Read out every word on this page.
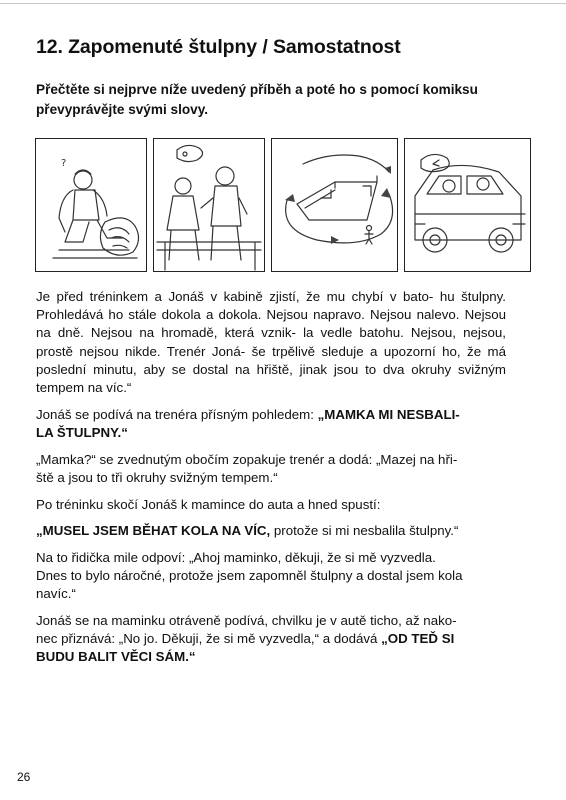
12. Zapomenuté štulpny / Samostatnost

Přečtěte si nejprve níže uvedený příběh a poté ho s pomocí komiksu
převyprávějte svými slovy.

?

Je před tréninkem a Jonáš v kabině zjistí, že mu chybí v bato- hu štulpny. Prohledává ho stále dokola a dokola. Nejsou napravo. Nejsou nalevo. Nejsou na dně. Nejsou na hromadě, která vznik- la vedle batohu. Nejsou, nejsou, prostě nejsou nikde. Trenér Joná- še trpělivě sleduje a upozorní ho, že má poslední minutu, aby se dostal na hřiště, jinak jsou to dva okruhy svižným tempem na víc.“

Jonáš se podívá na trenéra přísným pohledem: „MAMKA MI NESBALI-
LA ŠTULPNY.“

„Mamka?“ se zvednutým obočím zopakuje trenér a dodá: „Mazej na hři-
ště a jsou to tři okruhy svižným tempem.“

Po tréninku skočí Jonáš k mamince do auta a hned spustí:

„MUSEL JSEM BĚHAT KOLA NA VÍC, protože si mi nesbalila štulpny.“

Na to řidička mile odpoví: „Ahoj maminko, děkuji, že si mě vyzvedla.
Dnes to bylo náročné, protože jsem zapomněl štulpny a dostal jsem kola
navíc.“

Jonáš se na maminku otráveně podívá, chvilku je v autě ticho, až nako-
nec přiznává: „No jo. Děkuji, že si mě vyzvedla,“ a dodává „OD TEĎ SI
BUDU BALIT VĚCI SÁM.“

26
